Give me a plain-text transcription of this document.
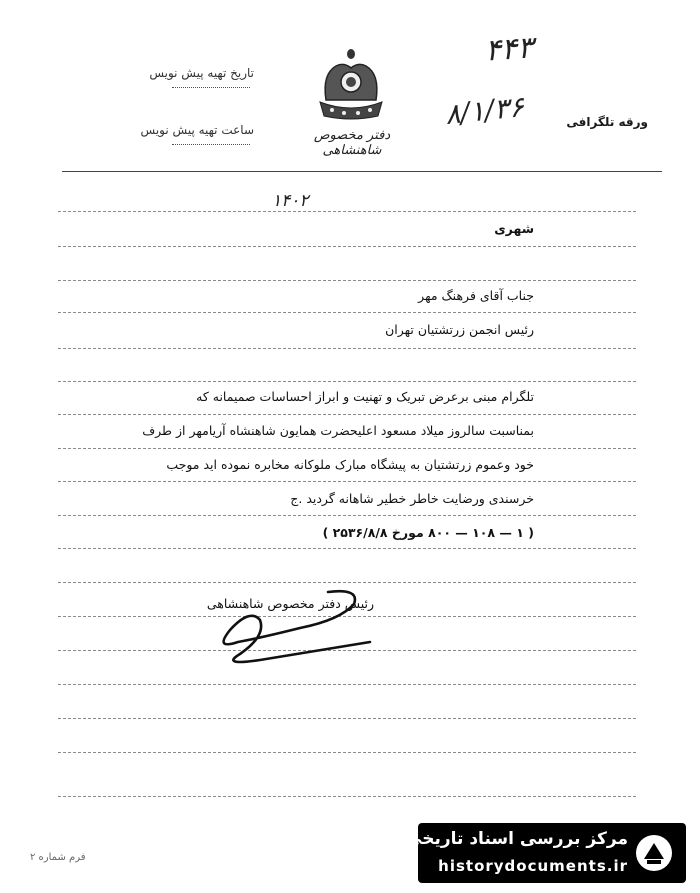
تاریخ تهیه پیش نویس
ساعت تهیه پیش نویس	دفتر مخصوص شاهنشاهی
۴۴۳
۸/۱/۳۶	ورقه تلگرافی
۱۴۰۲
شهری
جناب آقای فرهنگ مهر
رئیس انجمن زرتشتیان تهران
تلگرام مبنی برعرض تبریک و تهنیت و ابراز احساسات صمیمانه که
بمناسبت سالروز میلاد مسعود اعلیحضرت همایون شاهنشاه آریامهر از طرف
خود وعموم زرتشتیان به پیشگاه مبارک ملوکانه مخابره نموده اید موجب
خرسندی ورضایت خاطر خطیر شاهانه گردید .ج
( ۱ — ۱۰۸ — ۸۰۰ مورخ ۲۵۳۶/۸/۸ )
رئیس دفتر مخصوص شاهنشاهی
فرم شماره ۲
مرکز بررسی اسناد تاریخی
historydocuments.ir
